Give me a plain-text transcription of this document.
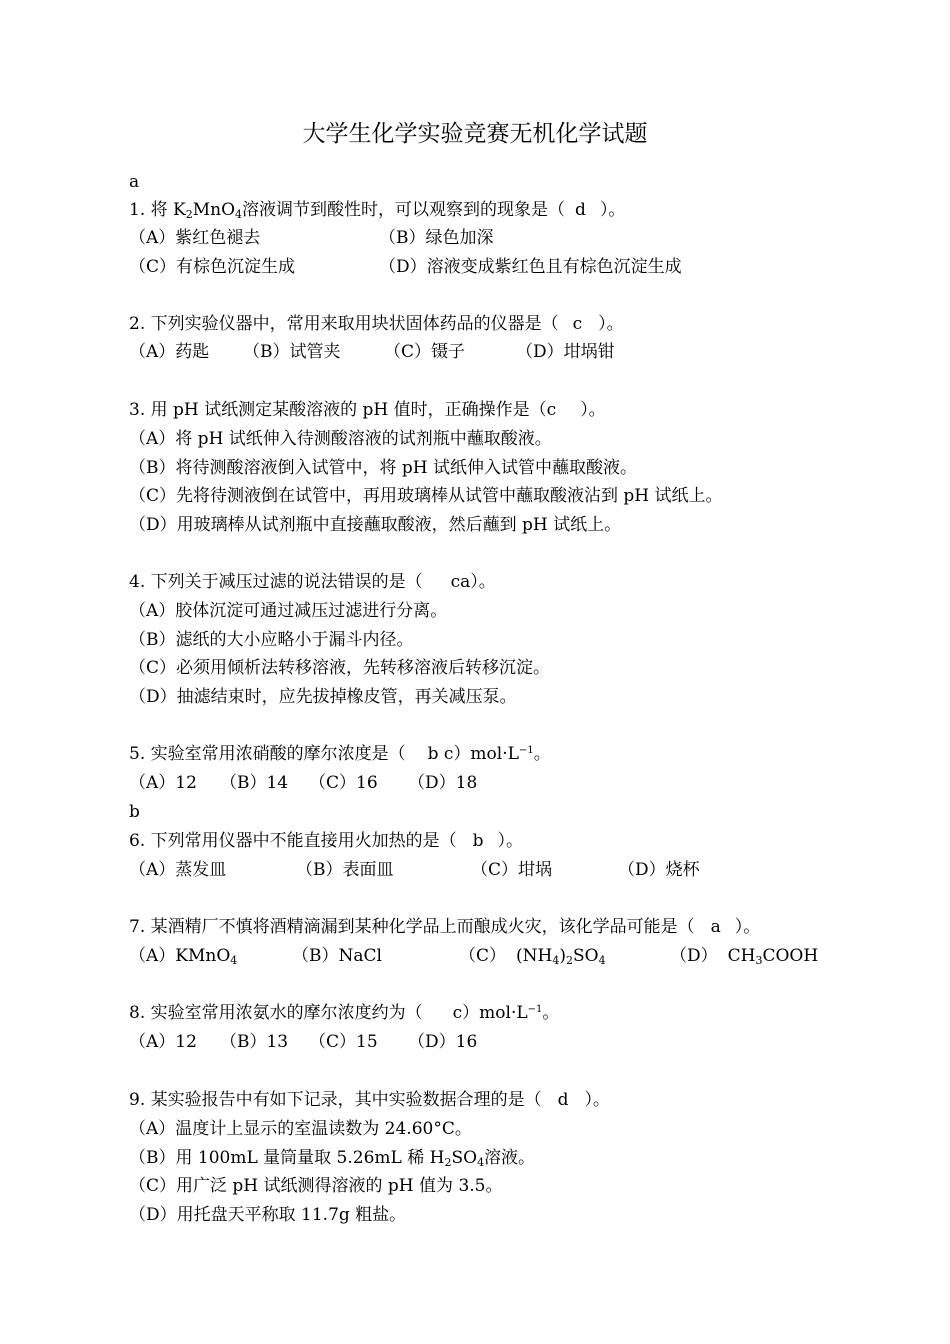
大学生化学实验竞赛无机化学试题
a
1. 将 $K_2MnO_4$溶液调节到酸性时，可以观察到的现象是（ d ）。
（A）紫红色褪去	（B）绿色加深
（C）有棕色沉淀生成	（D）溶液变成紫红色且有棕色沉淀生成
2. 下列实验仪器中，常用来取用块状固体药品的仪器是（ c ）。
（A）药匙 （B）试管夹	（C）镊子	（D）坩埚钳
3. 用 pH 试纸测定某酸溶液的 pH 值时，正确操作是（c ）。
（A）将 pH 试纸伸入待测酸溶液的试剂瓶中蘸取酸液。
（B）将待测酸溶液倒入试管中，将 pH 试纸伸入试管中蘸取酸液。
（C）先将待测液倒在试管中，再用玻璃棒从试管中蘸取酸液沾到 pH 试纸上。
（D）用玻璃棒从试剂瓶中直接蘸取酸液，然后蘸到 pH 试纸上。
4. 下列关于减压过滤的说法错误的是（ ca）。
（A）胶体沉淀可通过减压过滤进行分离。
（B）滤纸的大小应略小于漏斗内径。
（C）必须用倾析法转移溶液，先转移溶液后转移沉淀。
（D）抽滤结束时，应先拔掉橡皮管，再关减压泵。
5. 实验室常用浓硝酸的摩尔浓度是（ b $c)mol\cdot L^{-1}$。
（A）12 （B）14 （C）16 （D）18
b
6. 下列常用仪器中不能直接用火加热的是（ b ）。
（A）蒸发皿	（B）表面皿	（C）坩埚	（D）烧杯
7. 某酒精厂不慎将酒精滴漏到某种化学品上而酿成火灾，该化学品可能是（ a ）。
（A）KMnO$_4$	（B）NaCl	（C） $(NH_4)_2SO_4$	（D） $CH_3COOH$
8. 实验室常用浓氨水的摩尔浓度约为（ $c)mol\cdot L^{-1}$。
（A）12 （B）13 （C）15 （D）16
9. 某实验报告中有如下记录，其中实验数据合理的是（ d ）。
（A）温度计上显示的室温读数为 24.60°C。
（B）用 100mL 量筒量取 5.26mL 稀 $H_2SO_4$溶液。
（C）用广泛 pH 试纸测得溶液的 pH 值为 3.5。
（D）用托盘天平称取 11.7g 粗盐。
